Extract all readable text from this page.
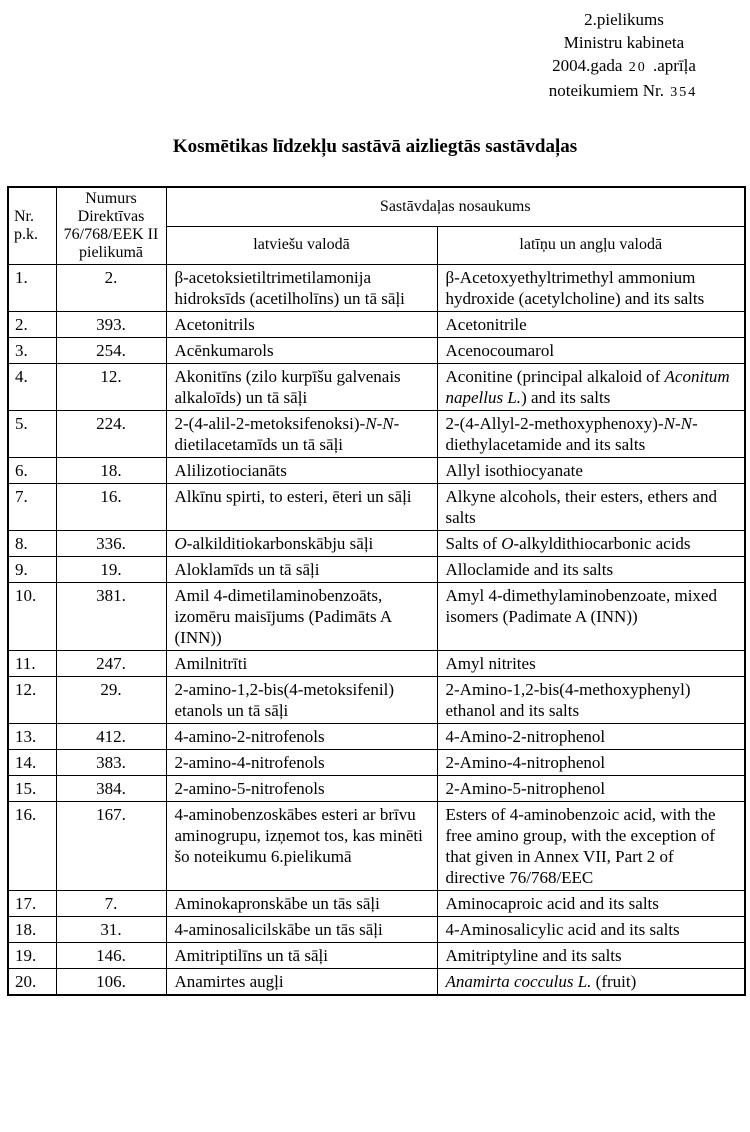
2.pielikums
Ministru kabineta
2004.gada 20 .aprīļa
noteikumiem Nr. 354
Kosmētikas līdzekļu sastāvā aizliegtās sastāvdaļas
Nr. p.k.	Numurs Direktīvas 76/768/EEK II pielikumā	Sastāvdaļas nosaukums	
		latviešu valodā	latīņu un angļu valodā
1.	2.	β-acetoksietiltrimetilamonija hidroksīds (acetilholīns) un tā sāļi	β-Acetoxyethyltrimethyl ammonium hydroxide (acetylcholine) and its salts
2.	393.	Acetonitrils	Acetonitrile
3.	254.	Acēnkumarols	Acenocoumarol
4.	12.	Akonitīns (zilo kurpīšu galvenais alkaloīds) un tā sāļi	Aconitine (principal alkaloid of Aconitum napellus L.) and its salts
5.	224.	2-(4-alil-2-metoksifenoksi)-N-N-dietilacetamīds un tā sāļi	2-(4-Allyl-2-methoxyphenoxy)-N-N-diethylacetamide and its salts
6.	18.	Alilizotiocianāts	Allyl isothiocyanate
7.	16.	Alkīnu spirti, to esteri, ēteri un sāļi	Alkyne alcohols, their esters, ethers and salts
8.	336.	O-alkilditiokarbonskābju sāļi	Salts of O-alkyldithiocarbonic acids
9.	19.	Aloklamīds un tā sāļi	Alloclamide and its salts
10.	381.	Amil 4-dimetilaminobenzoāts, izomēru maisījums (Padimāts A (INN))	Amyl 4-dimethylaminobenzoate, mixed isomers (Padimate A (INN))
11.	247.	Amilnitrīti	Amyl nitrites
12.	29.	2-amino-1,2-bis(4-metoksifenil) etanols un tā sāļi	2-Amino-1,2-bis(4-methoxyphenyl) ethanol and its salts
13.	412.	4-amino-2-nitrofenols	4-Amino-2-nitrophenol
14.	383.	2-amino-4-nitrofenols	2-Amino-4-nitrophenol
15.	384.	2-amino-5-nitrofenols	2-Amino-5-nitrophenol
16.	167.	4-aminobenzoskābes esteri ar brīvu aminogrupu, izņemot tos, kas minēti šo noteikumu 6.pielikumā	Esters of 4-aminobenzoic acid, with the free amino group, with the exception of that given in Annex VII, Part 2 of directive 76/768/EEC
17.	7.	Aminokapronskābe un tās sāļi	Aminocaproic acid and its salts
18.	31.	4-aminosalicilskābe un tās sāļi	4-Aminosalicylic acid and its salts
19.	146.	Amitriptilīns un tā sāļi	Amitriptyline and its salts
20.	106.	Anamirtes augļi	Anamirta cocculus L. (fruit)
